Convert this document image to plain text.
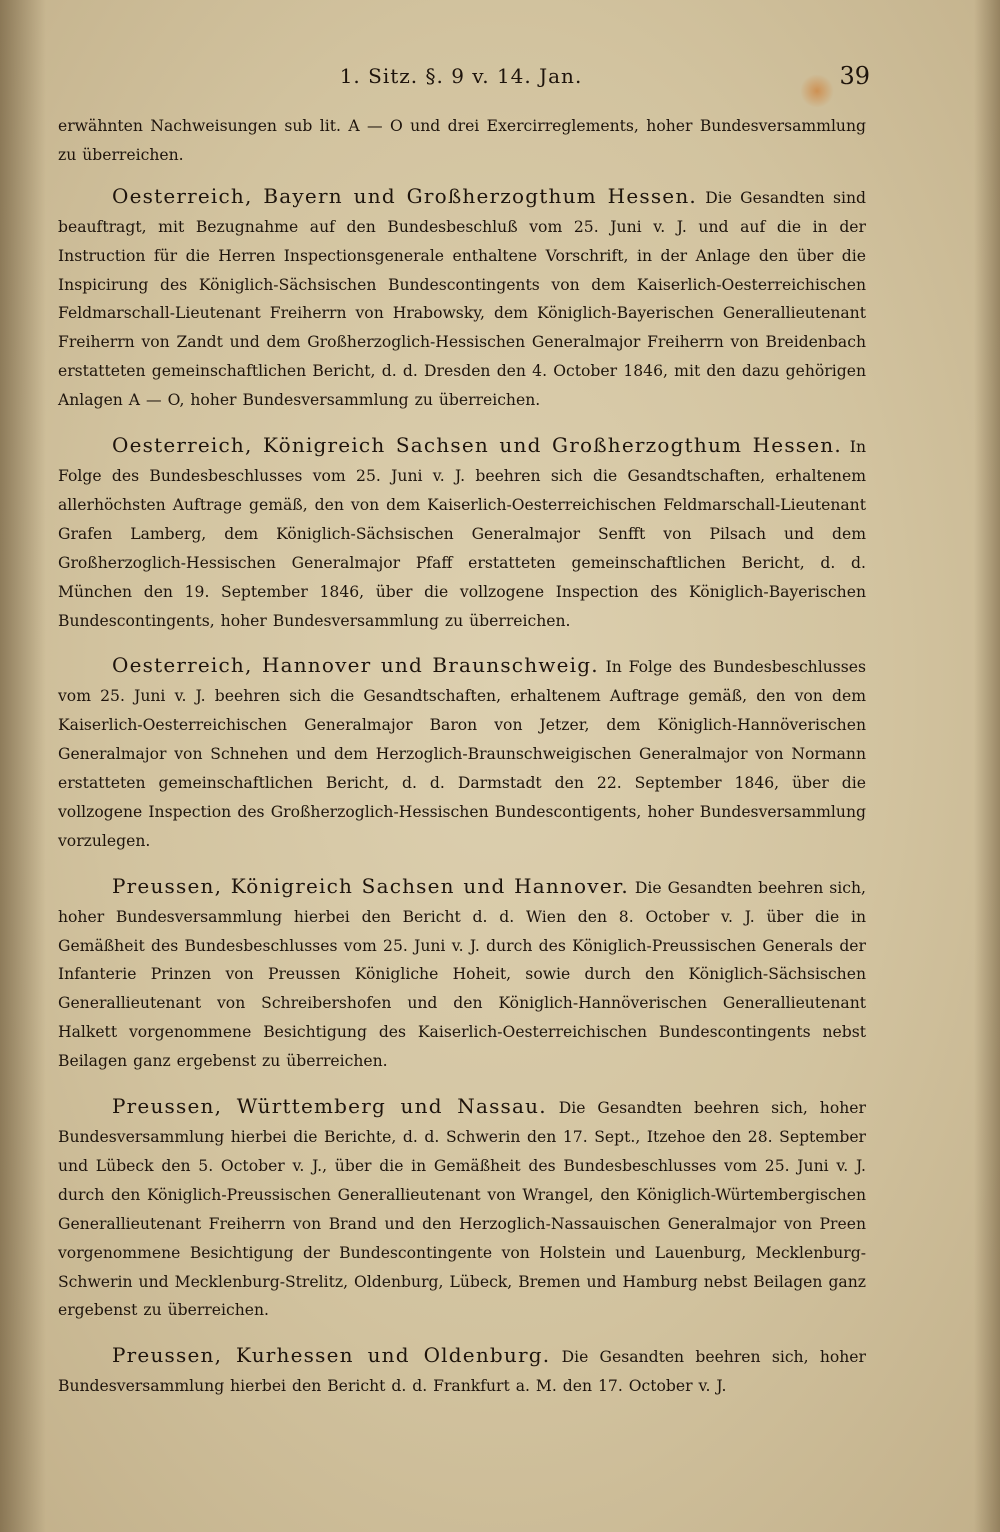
1. Sitz. §. 9 v. 14. Jan.	39

erwähnten Nachweisungen sub lit. A — O und drei Exercirreglements, hoher Bundesversammlung zu überreichen.

Oesterreich, Bayern und Großherzogthum Hessen. Die Gesandten sind beauftragt, mit Bezugnahme auf den Bundesbeschluß vom 25. Juni v. J. und auf die in der Instruction für die Herren Inspectionsgenerale enthaltene Vorschrift, in der Anlage den über die Inspicirung des Königlich-Sächsischen Bundescontingents von dem Kaiserlich-Oesterreichischen Feldmarschall-Lieutenant Freiherrn von Hrabowsky, dem Königlich-Bayerischen Generallieutenant Freiherrn von Zandt und dem Großherzoglich-Hessischen Generalmajor Freiherrn von Breidenbach erstatteten gemeinschaftlichen Bericht, d. d. Dresden den 4. October 1846, mit den dazu gehörigen Anlagen A — O, hoher Bundesversammlung zu überreichen.

Oesterreich, Königreich Sachsen und Großherzogthum Hessen. In Folge des Bundesbeschlusses vom 25. Juni v. J. beehren sich die Gesandtschaften, erhaltenem allerhöchsten Auftrage gemäß, den von dem Kaiserlich-Oesterreichischen Feldmarschall-Lieutenant Grafen Lamberg, dem Königlich-Sächsischen Generalmajor Senfft von Pilsach und dem Großherzoglich-Hessischen Generalmajor Pfaff erstatteten gemeinschaftlichen Bericht, d. d. München den 19. September 1846, über die vollzogene Inspection des Königlich-Bayerischen Bundescontingents, hoher Bundesversammlung zu überreichen.

Oesterreich, Hannover und Braunschweig. In Folge des Bundesbeschlusses vom 25. Juni v. J. beehren sich die Gesandtschaften, erhaltenem Auftrage gemäß, den von dem Kaiserlich-Oesterreichischen Generalmajor Baron von Jetzer, dem Königlich-Hannöverischen Generalmajor von Schnehen und dem Herzoglich-Braunschweigischen Generalmajor von Normann erstatteten gemeinschaftlichen Bericht, d. d. Darmstadt den 22. September 1846, über die vollzogene Inspection des Großherzoglich-Hessischen Bundescontigents, hoher Bundesversammlung vorzulegen.

Preussen, Königreich Sachsen und Hannover. Die Gesandten beehren sich, hoher Bundesversammlung hierbei den Bericht d. d. Wien den 8. October v. J. über die in Gemäßheit des Bundesbeschlusses vom 25. Juni v. J. durch des Königlich-Preussischen Generals der Infanterie Prinzen von Preussen Königliche Hoheit, sowie durch den Königlich-Sächsischen Generallieutenant von Schreibershofen und den Königlich-Hannöverischen Generallieutenant Halkett vorgenommene Besichtigung des Kaiserlich-Oesterreichischen Bundescontingents nebst Beilagen ganz ergebenst zu überreichen.

Preussen, Württemberg und Nassau. Die Gesandten beehren sich, hoher Bundesversammlung hierbei die Berichte, d. d. Schwerin den 17. Sept., Itzehoe den 28. September und Lübeck den 5. October v. J., über die in Gemäßheit des Bundesbeschlusses vom 25. Juni v. J. durch den Königlich-Preussischen Generallieutenant von Wrangel, den Königlich-Würtembergischen Generallieutenant Freiherrn von Brand und den Herzoglich-Nassauischen Generalmajor von Preen vorgenommene Besichtigung der Bundescontingente von Holstein und Lauenburg, Mecklenburg-Schwerin und Mecklenburg-Strelitz, Oldenburg, Lübeck, Bremen und Hamburg nebst Beilagen ganz ergebenst zu überreichen.

Preussen, Kurhessen und Oldenburg. Die Gesandten beehren sich, hoher Bundesversammlung hierbei den Bericht d. d. Frankfurt a. M. den 17. October v. J.
